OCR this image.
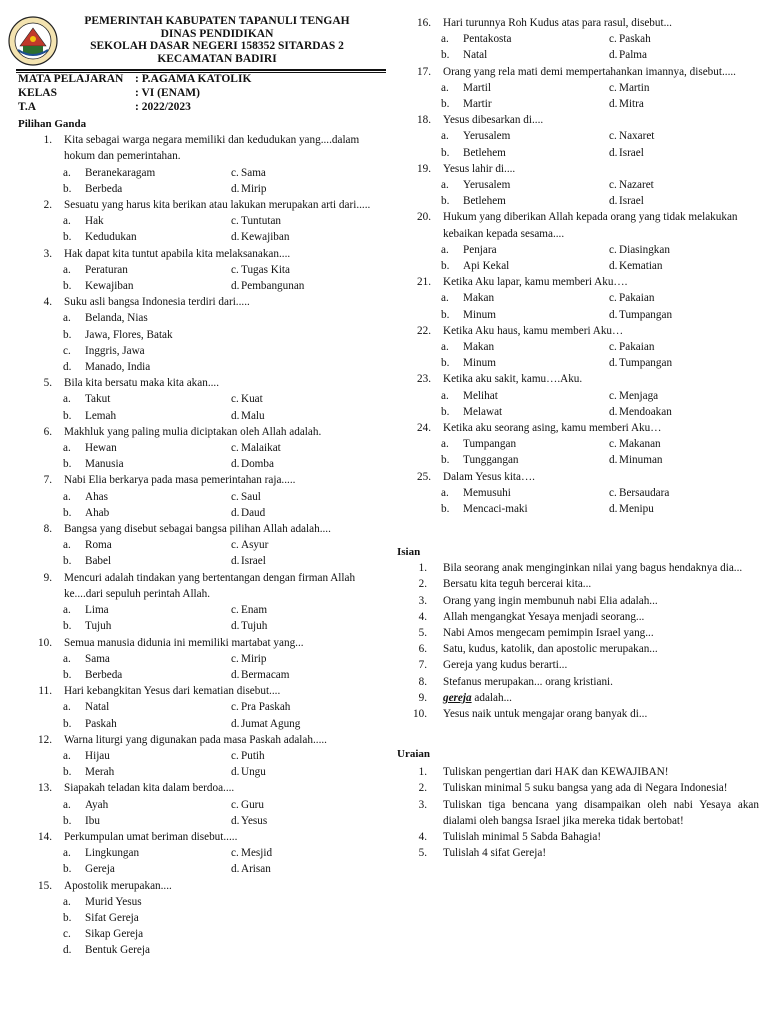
PEMERINTAH KABUPATEN TAPANULI TENGAH
DINAS PENDIDIKAN
SEKOLAH DASAR NEGERI 158352 SITARDAS 2
KECAMATAN BADIRI
MATA PELAJARAN	: P.AGAMA KATOLIK
KELAS	: VI (ENAM)
T.A	: 2022/2023
Pilihan Ganda
1. Kita sebagai warga negara memiliki dan kedudukan yang....dalam hokum dan pemerintahan.
a.	Beranekaragam	c. Sama
b.	Berbeda	d. Mirip
2. Sesuatu yang harus kita berikan atau lakukan merupakan arti dari.....
a.	Hak	c. Tuntutan
b.	Kedudukan	d. Kewajiban
3. Hak dapat kita tuntut apabila kita melaksanakan....
a.	Peraturan	c. Tugas Kita
b.	Kewajiban	d. Pembangunan
4. Suku asli bangsa Indonesia terdiri dari.....
a.	Belanda, Nias
b.	Jawa, Flores, Batak
c.	Inggris, Jawa
d.	Manado, India
5. Bila kita bersatu maka kita akan....
a.	Takut	c. Kuat
b.	Lemah	d. Malu
6. Makhluk yang paling mulia diciptakan oleh Allah adalah.
a.	Hewan	c. Malaikat
b.	Manusia	d. Domba
7. Nabi Elia berkarya pada masa pemerintahan raja.....
a.	Ahas	c. Saul
b.	Ahab	d. Daud
8. Bangsa yang disebut sebagai bangsa pilihan Allah adalah....
a.	Roma	c. Asyur
b.	Babel	d. Israel
9. Mencuri adalah tindakan yang bertentangan dengan firman Allah ke....dari sepuluh perintah Allah.
a.	Lima	c. Enam
b.	Tujuh	d. Tujuh
10. Semua manusia didunia ini memiliki martabat yang...
a.	Sama	c. Mirip
b.	Berbeda	d. Bermacam
11. Hari kebangkitan Yesus dari kematian disebut....
a.	Natal	c. Pra Paskah
b.	Paskah	d. Jumat Agung
12. Warna liturgi yang digunakan pada masa Paskah adalah.....
a.	Hijau	c. Putih
b.	Merah	d. Ungu
13. Siapakah teladan kita dalam berdoa....
a.	Ayah	c. Guru
b.	Ibu	d. Yesus
14. Perkumpulan umat beriman disebut.....
a.	Lingkungan	c. Mesjid
b.	Gereja	d. Arisan
15. Apostolik merupakan....
a.	Murid Yesus
b.	Sifat Gereja
c.	Sikap Gereja
d.	Bentuk Gereja
16. Hari turunnya Roh Kudus atas para rasul, disebut...
a.	Pentakosta	c. Paskah
b.	Natal	d. Palma
17. Orang yang rela mati demi mempertahankan imannya, disebut.....
a.	Martil	c. Martin
b.	Martir	d. Mitra
18. Yesus dibesarkan di....
a.	Yerusalem	c. Naxaret
b.	Betlehem	d. Israel
19. Yesus lahir di....
a.	Yerusalem	c. Nazaret
b.	Betlehem	d. Israel
20. Hukum yang diberikan Allah kepada orang yang tidak melakukan kebaikan kepada sesama....
a.	Penjara	c. Diasingkan
b.	Api Kekal	d. Kematian
21. Ketika Aku lapar, kamu memberi Aku….
a.	Makan	c. Pakaian
b.	Minum	d. Tumpangan
22. Ketika Aku haus, kamu memberi Aku…
a.	Makan	c. Pakaian
b.	Minum	d. Tumpangan
23. Ketika aku sakit, kamu….Aku.
a.	Melihat	c. Menjaga
b.	Melawat	d. Mendoakan
24. Ketika aku seorang asing, kamu memberi Aku…
a.	Tumpangan	c. Makanan
b.	Tunggangan	d. Minuman
25. Dalam Yesus kita….
a.	Memusuhi	c. Bersaudara
b.	Mencaci-maki	d. Menipu
Isian
1. Bila seorang anak menginginkan nilai yang bagus hendaknya dia...
2. Bersatu kita teguh bercerai kita...
3. Orang yang ingin membunuh nabi Elia adalah...
4. Allah mengangkat Yesaya menjadi seorang...
5. Nabi Amos mengecam pemimpin Israel yang...
6. Satu, kudus, katolik, dan apostolic merupakan...
7. Gereja yang kudus berarti...
8. Stefanus merupakan... orang kristiani.
9. gereja adalah...
10. Yesus naik untuk mengajar orang banyak di...
Uraian
1. Tuliskan pengertian dari HAK dan KEWAJIBAN!
2. Tuliskan minimal 5 suku bangsa yang ada di Negara Indonesia!
3. Tuliskan tiga bencana yang disampaikan oleh nabi Yesaya akan dialami oleh bangsa Israel jika mereka tidak bertobat!
4. Tulislah minimal 5 Sabda Bahagia!
5. Tulislah 4 sifat Gereja!
